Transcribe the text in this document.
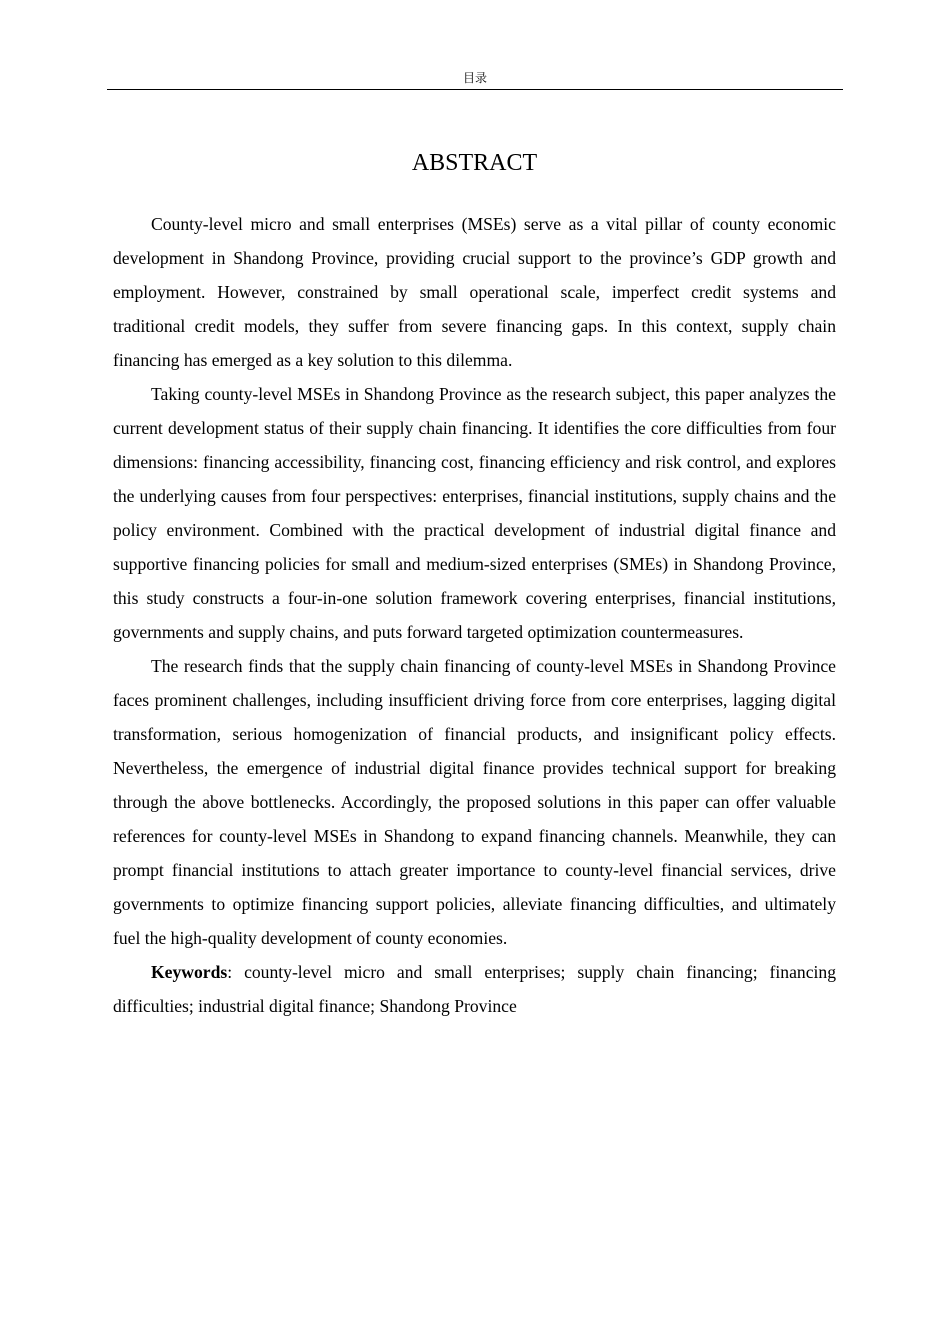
目录
ABSTRACT

County-level micro and small enterprises (MSEs) serve as a vital pillar of county economic development in Shandong Province, providing crucial support to the province’s GDP growth and employment. However, constrained by small operational scale, imperfect credit systems and traditional credit models, they suffer from severe financing gaps. In this context, supply chain financing has emerged as a key solution to this dilemma.

Taking county-level MSEs in Shandong Province as the research subject, this paper analyzes the current development status of their supply chain financing. It identifies the core difficulties from four dimensions: financing accessibility, financing cost, financing efficiency and risk control, and explores the underlying causes from four perspectives: enterprises, financial institutions, supply chains and the policy environment. Combined with the practical development of industrial digital finance and supportive financing policies for small and medium-sized enterprises (SMEs) in Shandong Province, this study constructs a four-in-one solution framework covering enterprises, financial institutions, governments and supply chains, and puts forward targeted optimization countermeasures.

The research finds that the supply chain financing of county-level MSEs in Shandong Province faces prominent challenges, including insufficient driving force from core enterprises, lagging digital transformation, serious homogenization of financial products, and insignificant policy effects. Nevertheless, the emergence of industrial digital finance provides technical support for breaking through the above bottlenecks. Accordingly, the proposed solutions in this paper can offer valuable references for county-level MSEs in Shandong to expand financing channels. Meanwhile, they can prompt financial institutions to attach greater importance to county-level financial services, drive governments to optimize financing support policies, alleviate financing difficulties, and ultimately fuel the high-quality development of county economies.

Keywords: county-level micro and small enterprises; supply chain financing; financing difficulties; industrial digital finance; Shandong Province
